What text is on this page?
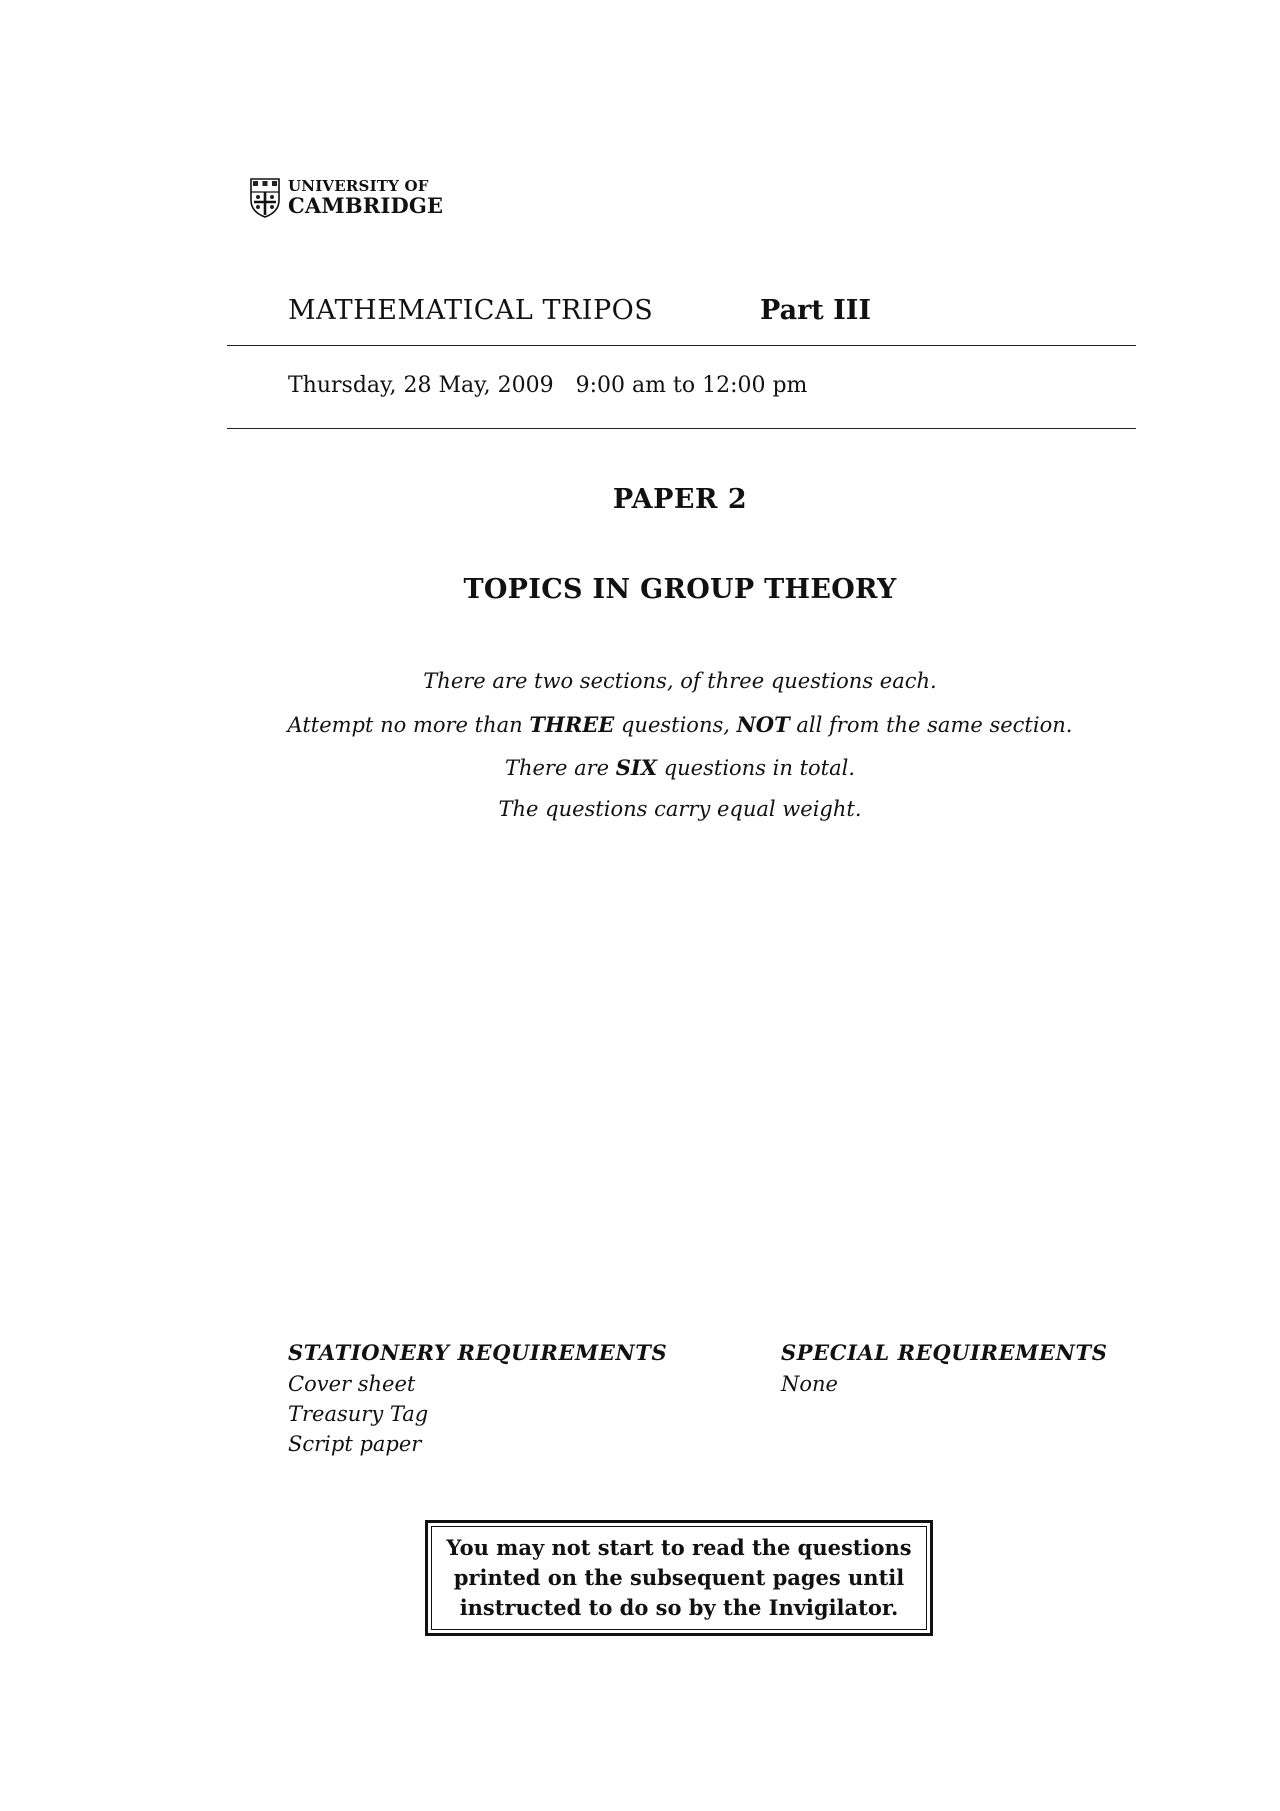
UNIVERSITY OF
CAMBRIDGE
MATHEMATICAL TRIPOS	Part III
Thursday, 28 May, 2009 9:00 am to 12:00 pm
PAPER 2
TOPICS IN GROUP THEORY
There are two sections, of three questions each.
Attempt no more than THREE questions, NOT all from the same section.
There are SIX questions in total.
The questions carry equal weight.
STATIONERY REQUIREMENTS
Cover sheet
Treasury Tag
Script paper
SPECIAL REQUIREMENTS
None
You may not start to read the questions
printed on the subsequent pages until
instructed to do so by the Invigilator.
